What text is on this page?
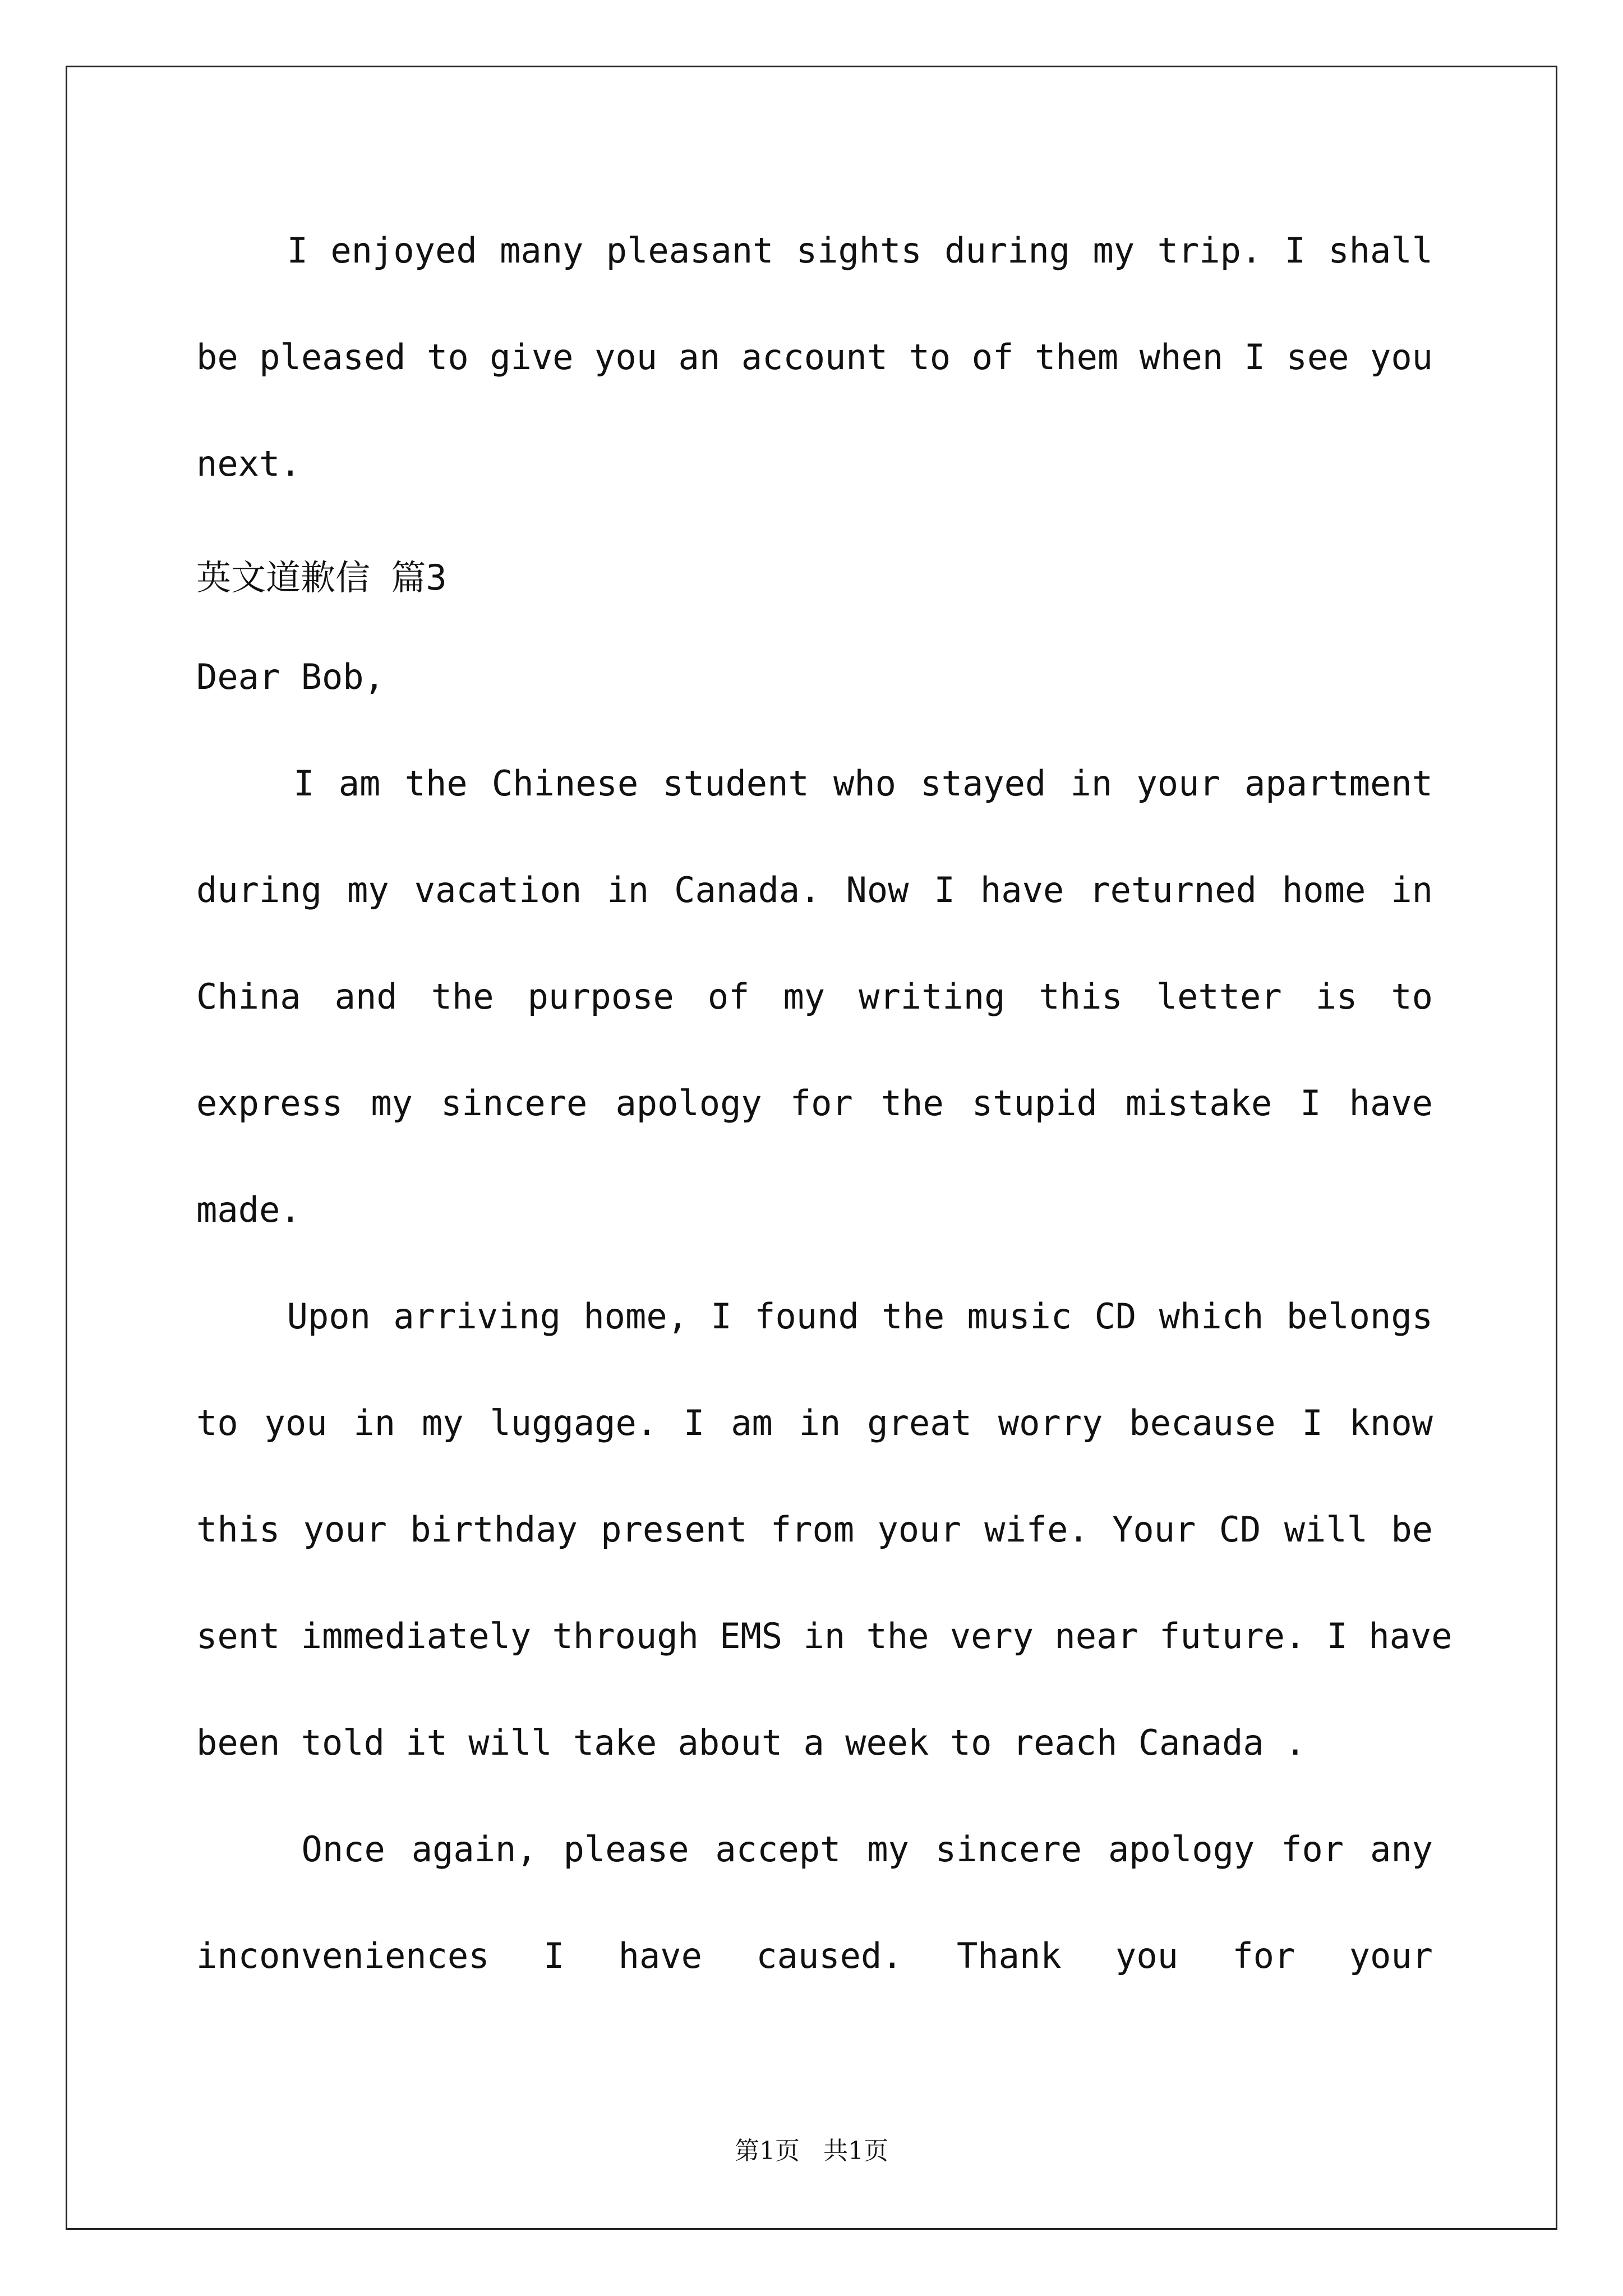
I enjoyed many pleasant sights during my trip. I shall

be pleased to give you an account to of them when I see you

next.

英文道歉信 篇3

Dear Bob,

I am the Chinese student who stayed in your apartment

during my vacation in Canada. Now I have returned home in

China and the purpose of my writing this letter is to

express my sincere apology for the stupid mistake I have

made.

Upon arriving home, I found the music CD which belongs

to you in my luggage. I am in great worry because I know

this your birthday present from your wife. Your CD will be

sent immediately through EMS in the very near future. I have

been told it will take about a week to reach Canada .

Once again, please accept my sincere apology for any

inconveniences I have caused. Thank you for your

第1页   共1页
